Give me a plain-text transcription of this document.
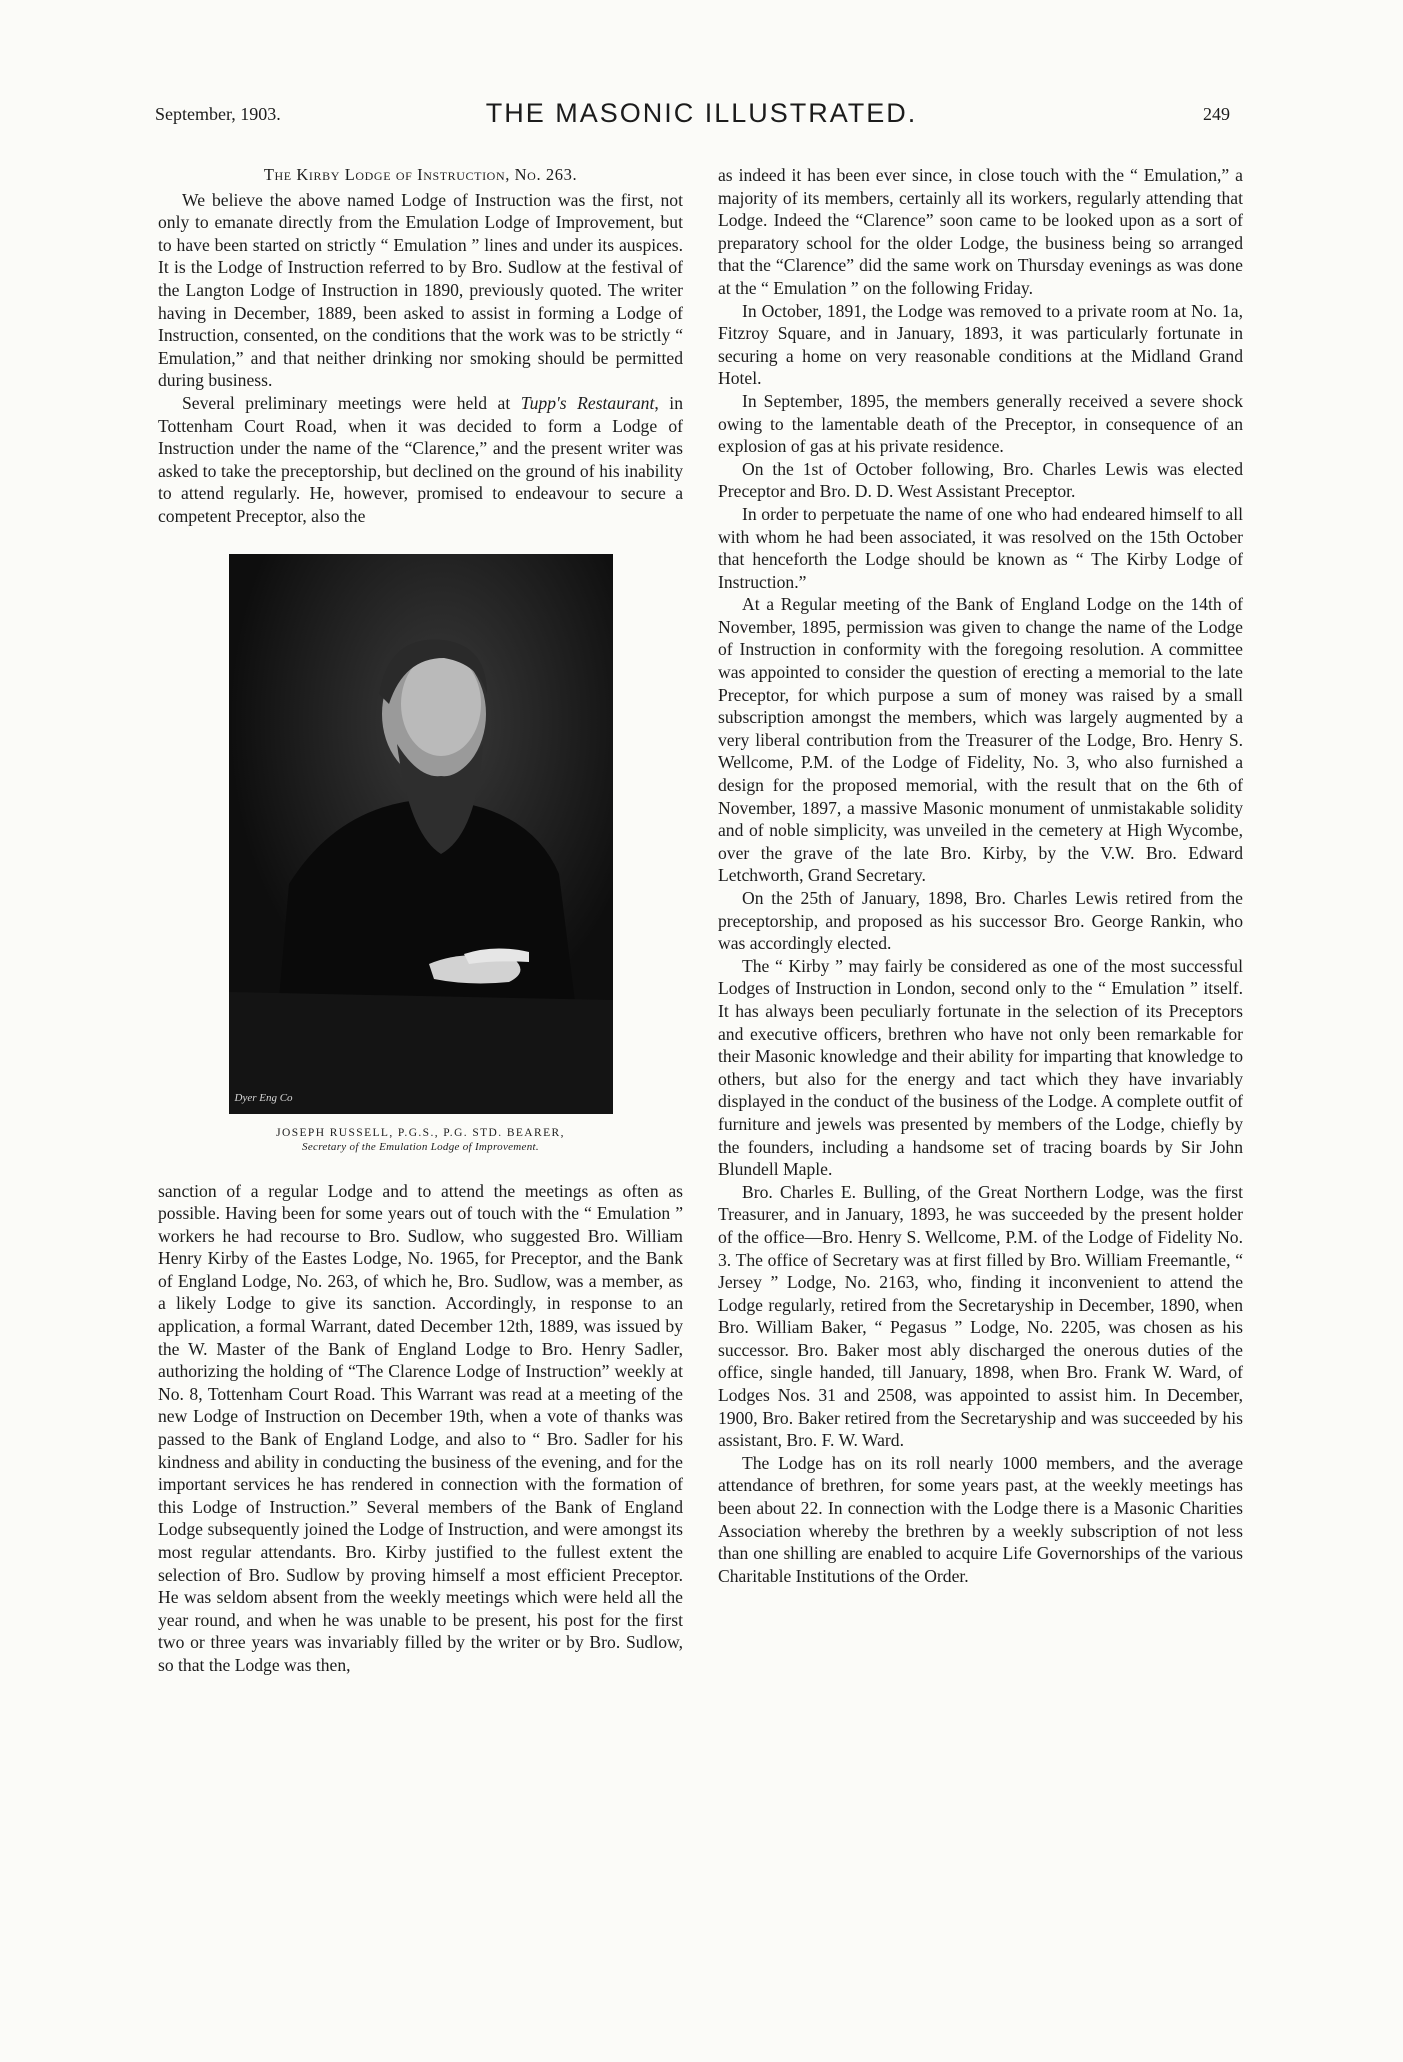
September, 1903.	THE MASONIC ILLUSTRATED.	249
The Kirby Lodge of Instruction, No. 263.

We believe the above named Lodge of Instruction was the first, not only to emanate directly from the Emulation Lodge of Improvement, but to have been started on strictly “ Emulation ” lines and under its auspices. It is the Lodge of Instruction referred to by Bro. Sudlow at the festival of the Langton Lodge of Instruction in 1890, previously quoted. The writer having in December, 1889, been asked to assist in forming a Lodge of Instruction, consented, on the conditions that the work was to be strictly “ Emulation,” and that neither drinking nor smoking should be permitted during business.

Several preliminary meetings were held at Tupp's Restaurant, in Tottenham Court Road, when it was decided to form a Lodge of Instruction under the name of the “Clarence,” and the present writer was asked to take the preceptorship, but declined on the ground of his inability to attend regularly. He, however, promised to endeavour to secure a competent Preceptor, also the

Dyer Eng Co
JOSEPH RUSSELL, P.G.S., P.G. STD. BEARER,
Secretary of the Emulation Lodge of Improvement.

sanction of a regular Lodge and to attend the meetings as often as possible. Having been for some years out of touch with the “ Emulation ” workers he had recourse to Bro. Sudlow, who suggested Bro. William Henry Kirby of the Eastes Lodge, No. 1965, for Preceptor, and the Bank of England Lodge, No. 263, of which he, Bro. Sudlow, was a member, as a likely Lodge to give its sanction. Accordingly, in response to an application, a formal Warrant, dated December 12th, 1889, was issued by the W. Master of the Bank of England Lodge to Bro. Henry Sadler, authorizing the holding of “The Clarence Lodge of Instruction” weekly at No. 8, Tottenham Court Road. This Warrant was read at a meeting of the new Lodge of Instruction on December 19th, when a vote of thanks was passed to the Bank of England Lodge, and also to “ Bro. Sadler for his kindness and ability in conducting the business of the evening, and for the important services he has rendered in connection with the formation of this Lodge of Instruction.” Several members of the Bank of England Lodge subsequently joined the Lodge of Instruction, and were amongst its most regular attendants. Bro. Kirby justified to the fullest extent the selection of Bro. Sudlow by proving himself a most efficient Preceptor. He was seldom absent from the weekly meetings which were held all the year round, and when he was unable to be present, his post for the first two or three years was invariably filled by the writer or by Bro. Sudlow, so that the Lodge was then,

as indeed it has been ever since, in close touch with the “ Emulation,” a majority of its members, certainly all its workers, regularly attending that Lodge. Indeed the “Clarence” soon came to be looked upon as a sort of preparatory school for the older Lodge, the business being so arranged that the “Clarence” did the same work on Thursday evenings as was done at the “ Emulation ” on the following Friday.

In October, 1891, the Lodge was removed to a private room at No. 1a, Fitzroy Square, and in January, 1893, it was particularly fortunate in securing a home on very reasonable conditions at the Midland Grand Hotel.

In September, 1895, the members generally received a severe shock owing to the lamentable death of the Preceptor, in consequence of an explosion of gas at his private residence.

On the 1st of October following, Bro. Charles Lewis was elected Preceptor and Bro. D. D. West Assistant Preceptor.

In order to perpetuate the name of one who had endeared himself to all with whom he had been associated, it was resolved on the 15th October that henceforth the Lodge should be known as “ The Kirby Lodge of Instruction.”

At a Regular meeting of the Bank of England Lodge on the 14th of November, 1895, permission was given to change the name of the Lodge of Instruction in conformity with the foregoing resolution. A committee was appointed to consider the question of erecting a memorial to the late Preceptor, for which purpose a sum of money was raised by a small subscription amongst the members, which was largely augmented by a very liberal contribution from the Treasurer of the Lodge, Bro. Henry S. Wellcome, P.M. of the Lodge of Fidelity, No. 3, who also furnished a design for the proposed memorial, with the result that on the 6th of November, 1897, a massive Masonic monument of unmistakable solidity and of noble simplicity, was unveiled in the cemetery at High Wycombe, over the grave of the late Bro. Kirby, by the V.W. Bro. Edward Letchworth, Grand Secretary.

On the 25th of January, 1898, Bro. Charles Lewis retired from the preceptorship, and proposed as his successor Bro. George Rankin, who was accordingly elected.

The “ Kirby ” may fairly be considered as one of the most successful Lodges of Instruction in London, second only to the “ Emulation ” itself. It has always been peculiarly fortunate in the selection of its Preceptors and executive officers, brethren who have not only been remarkable for their Masonic knowledge and their ability for imparting that knowledge to others, but also for the energy and tact which they have invariably displayed in the conduct of the business of the Lodge. A complete outfit of furniture and jewels was presented by members of the Lodge, chiefly by the founders, including a handsome set of tracing boards by Sir John Blundell Maple.

Bro. Charles E. Bulling, of the Great Northern Lodge, was the first Treasurer, and in January, 1893, he was succeeded by the present holder of the office—Bro. Henry S. Wellcome, P.M. of the Lodge of Fidelity No. 3. The office of Secretary was at first filled by Bro. William Freemantle, “ Jersey ” Lodge, No. 2163, who, finding it inconvenient to attend the Lodge regularly, retired from the Secretaryship in December, 1890, when Bro. William Baker, “ Pegasus ” Lodge, No. 2205, was chosen as his successor. Bro. Baker most ably discharged the onerous duties of the office, single handed, till January, 1898, when Bro. Frank W. Ward, of Lodges Nos. 31 and 2508, was appointed to assist him. In December, 1900, Bro. Baker retired from the Secretaryship and was succeeded by his assistant, Bro. F. W. Ward.

The Lodge has on its roll nearly 1000 members, and the average attendance of brethren, for some years past, at the weekly meetings has been about 22. In connection with the Lodge there is a Masonic Charities Association whereby the brethren by a weekly subscription of not less than one shilling are enabled to acquire Life Governorships of the various Charitable Institutions of the Order.
